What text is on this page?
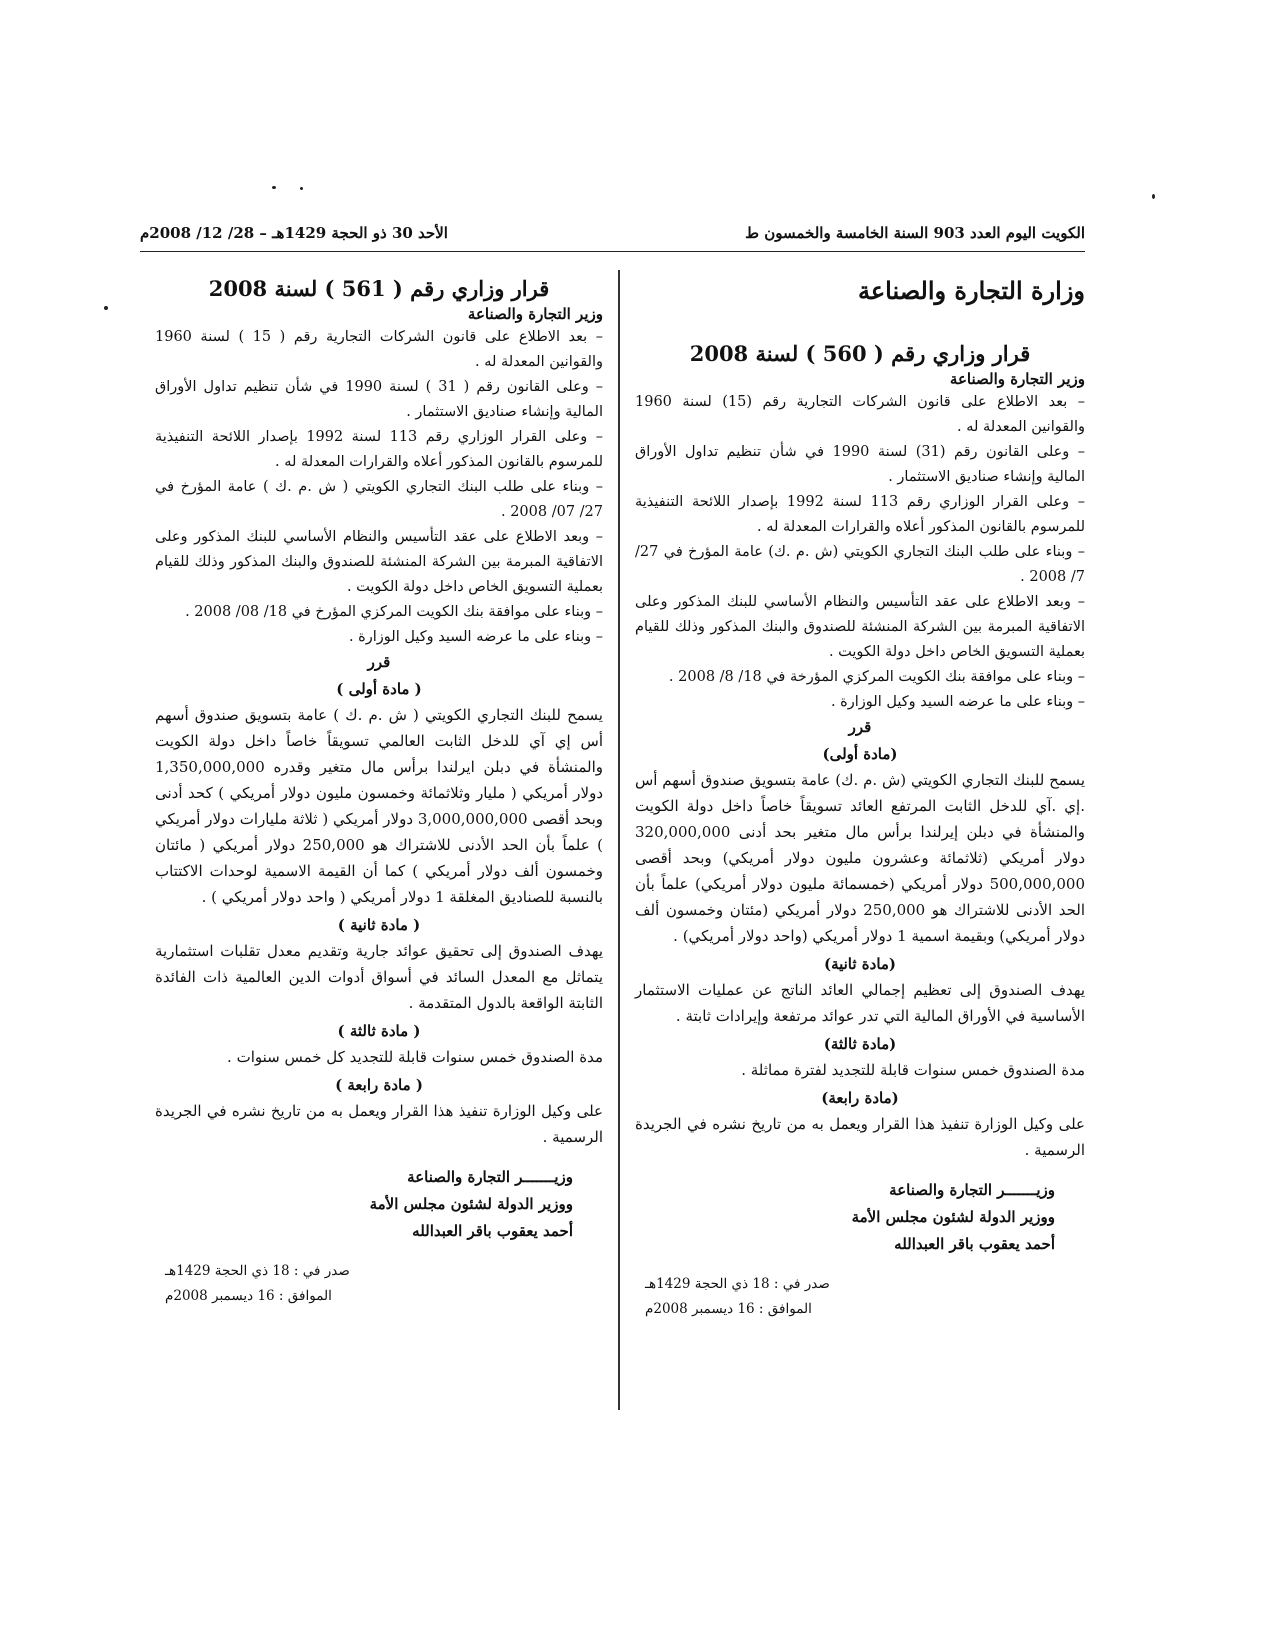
الكويت اليوم العدد 903 السنة الخامسة والخمسون ط
الأحد 30 ذو الحجة 1429هـ – 28/ 12/ 2008م
وزارة التجارة والصناعة
قرار وزاري رقم ( 560 ) لسنة 2008
وزير التجارة والصناعة

– بعد الاطلاع على قانون الشركات التجارية رقم (15) لسنة 1960 والقوانين المعدلة له .

– وعلى القانون رقم (31) لسنة 1990 في شأن تنظيم تداول الأوراق المالية وإنشاء صناديق الاستثمار .

– وعلى القرار الوزاري رقم 113 لسنة 1992 بإصدار اللائحة التنفيذية للمرسوم بالقانون المذكور أعلاه والقرارات المعدلة له .

– وبناء على طلب البنك التجاري الكويتي (ش .م .ك) عامة المؤرخ في 27/ 7/ 2008 .

– وبعد الاطلاع على عقد التأسيس والنظام الأساسي للبنك المذكور وعلى الاتفاقية المبرمة بين الشركة المنشئة للصندوق والبنك المذكور وذلك للقيام بعملية التسويق الخاص داخل دولة الكويت .

– وبناء على موافقة بنك الكويت المركزي المؤرخة في 18/ 8/ 2008 .

– وبناء على ما عرضه السيد وكيل الوزارة .

قرر
(مادة أولى)

يسمح للبنك التجاري الكويتي (ش .م .ك) عامة بتسويق صندوق أسهم أس .إي .آي للدخل الثابت المرتفع العائد تسويقاً خاصاً داخل دولة الكويت والمنشأة في دبلن إيرلندا برأس مال متغير بحد أدنى 320,000,000 دولار أمريكي (ثلاثمائة وعشرون مليون دولار أمريكي) وبحد أقصى 500,000,000 دولار أمريكي (خمسمائة مليون دولار أمريكي) علماً بأن الحد الأدنى للاشتراك هو 250,000 دولار أمريكي (مئتان وخمسون ألف دولار أمريكي) وبقيمة اسمية 1 دولار أمريكي (واحد دولار أمريكي) .

(مادة ثانية)

يهدف الصندوق إلى تعظيم إجمالي العائد الناتج عن عمليات الاستثمار الأساسية في الأوراق المالية التي تدر عوائد مرتفعة وإيرادات ثابتة .

(مادة ثالثة)

مدة الصندوق خمس سنوات قابلة للتجديد لفترة مماثلة .

(مادة رابعة)

على وكيل الوزارة تنفيذ هذا القرار ويعمل به من تاريخ نشره في الجريدة الرسمية .

وزيـــــــر التجارة والصناعة
ووزير الدولة لشئون مجلس الأمة
أحمد يعقوب باقر العبدالله
صدر في : 18 ذي الحجة 1429هـ
الموافق : 16 ديسمبر 2008م
قرار وزاري رقم ( 561 ) لسنة 2008
وزير التجارة والصناعة

– بعد الاطلاع على قانون الشركات التجارية رقم ( 15 ) لسنة 1960 والقوانين المعدلة له .

– وعلى القانون رقم ( 31 ) لسنة 1990 في شأن تنظيم تداول الأوراق المالية وإنشاء صناديق الاستثمار .

– وعلى القرار الوزاري رقم 113 لسنة 1992 بإصدار اللائحة التنفيذية للمرسوم بالقانون المذكور أعلاه والقرارات المعدلة له .

– وبناء على طلب البنك التجاري الكويتي ( ش .م .ك ) عامة المؤرخ في 27/ 07/ 2008 .

– وبعد الاطلاع على عقد التأسيس والنظام الأساسي للبنك المذكور وعلى الاتفاقية المبرمة بين الشركة المنشئة للصندوق والبنك المذكور وذلك للقيام بعملية التسويق الخاص داخل دولة الكويت .

– وبناء على موافقة بنك الكويت المركزي المؤرخ في 18/ 08/ 2008 .

– وبناء على ما عرضه السيد وكيل الوزارة .

قرر
( مادة أولى )

يسمح للبنك التجاري الكويتي ( ش .م .ك ) عامة بتسويق صندوق أسهم أس إي آي للدخل الثابت العالمي تسويقاً خاصاً داخل دولة الكويت والمنشأة في دبلن ايرلندا برأس مال متغير وقدره 1,350,000,000 دولار أمريكي ( مليار وثلاثمائة وخمسون مليون دولار أمريكي ) كحد أدنى وبحد أقصى 3,000,000,000 دولار أمريكي ( ثلاثة مليارات دولار أمريكي ) علماً بأن الحد الأدنى للاشتراك هو 250,000 دولار أمريكي ( مائتان وخمسون ألف دولار أمريكي ) كما أن القيمة الاسمية لوحدات الاكتتاب بالنسبة للصناديق المغلقة 1 دولار أمريكي ( واحد دولار أمريكي ) .

( مادة ثانية )

يهدف الصندوق إلى تحقيق عوائد جارية وتقديم معدل تقلبات استثمارية يتماثل مع المعدل السائد في أسواق أدوات الدين العالمية ذات الفائدة الثابتة الواقعة بالدول المتقدمة .

( مادة ثالثة )

مدة الصندوق خمس سنوات قابلة للتجديد كل خمس سنوات .

( مادة رابعة )

على وكيل الوزارة تنفيذ هذا القرار ويعمل به من تاريخ نشره في الجريدة الرسمية .

وزيـــــــر التجارة والصناعة
ووزير الدولة لشئون مجلس الأمة
أحمد يعقوب باقر العبدالله
صدر في : 18 ذي الحجة 1429هـ
الموافق : 16 ديسمبر 2008م
